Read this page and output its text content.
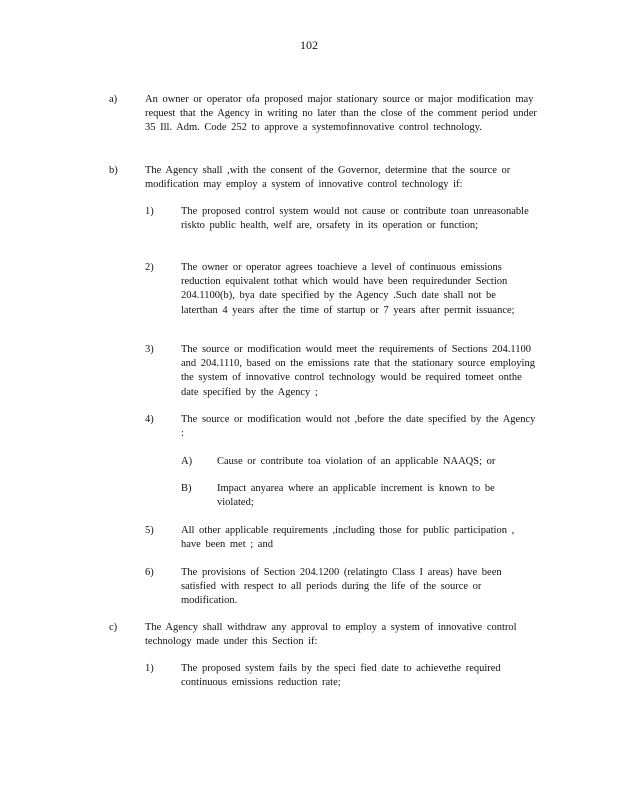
102
a)	An owner or operator ofa proposed major stationary source or major modification may request that the Agency in writing no later than the close of the comment period under 35 Ill. Adm. Code 252 to approve a systemofinnovative control technology.
b)	The Agency shall ,with the consent of the Governor, determine that the source or modification may employ a system of innovative control technology if:
1)	The proposed control system would not cause or contribute toan unreasonable riskto public health, welf are, orsafety in its operation or function;
2)	The owner or operator agrees toachieve a level of continuous emissions reduction equivalent tothat which would have been requiredunder Section 204.1100(b), bya date specified by the Agency .Such date shall not be laterthan 4 years after the time of startup or 7 years after permit issuance;
3)	The source or modification would meet the requirements of Sections 204.1100 and 204.1110, based on the emissions rate that the stationary source employing the system of innovative control technology would be required tomeet onthe date specified by the Agency ;
4)	The source or modification would not ,before the date specified by the Agency :
A) Cause or contribute toa violation of an applicable NAAQS; or
B) Impact anyarea where an applicable increment is known to be violated;
5)	All other applicable requirements ,including those for public participation , have been met ; and
6)	The provisions of Section 204.1200 (relatingto Class I areas) have been satisfied with respect to all periods during the life of the source or modification.
c)	The Agency shall withdraw any approval to employ a system of innovative control technology made under this Section if:
1)	The proposed system fails by the speci fied date to achievethe required continuous emissions reduction rate;
